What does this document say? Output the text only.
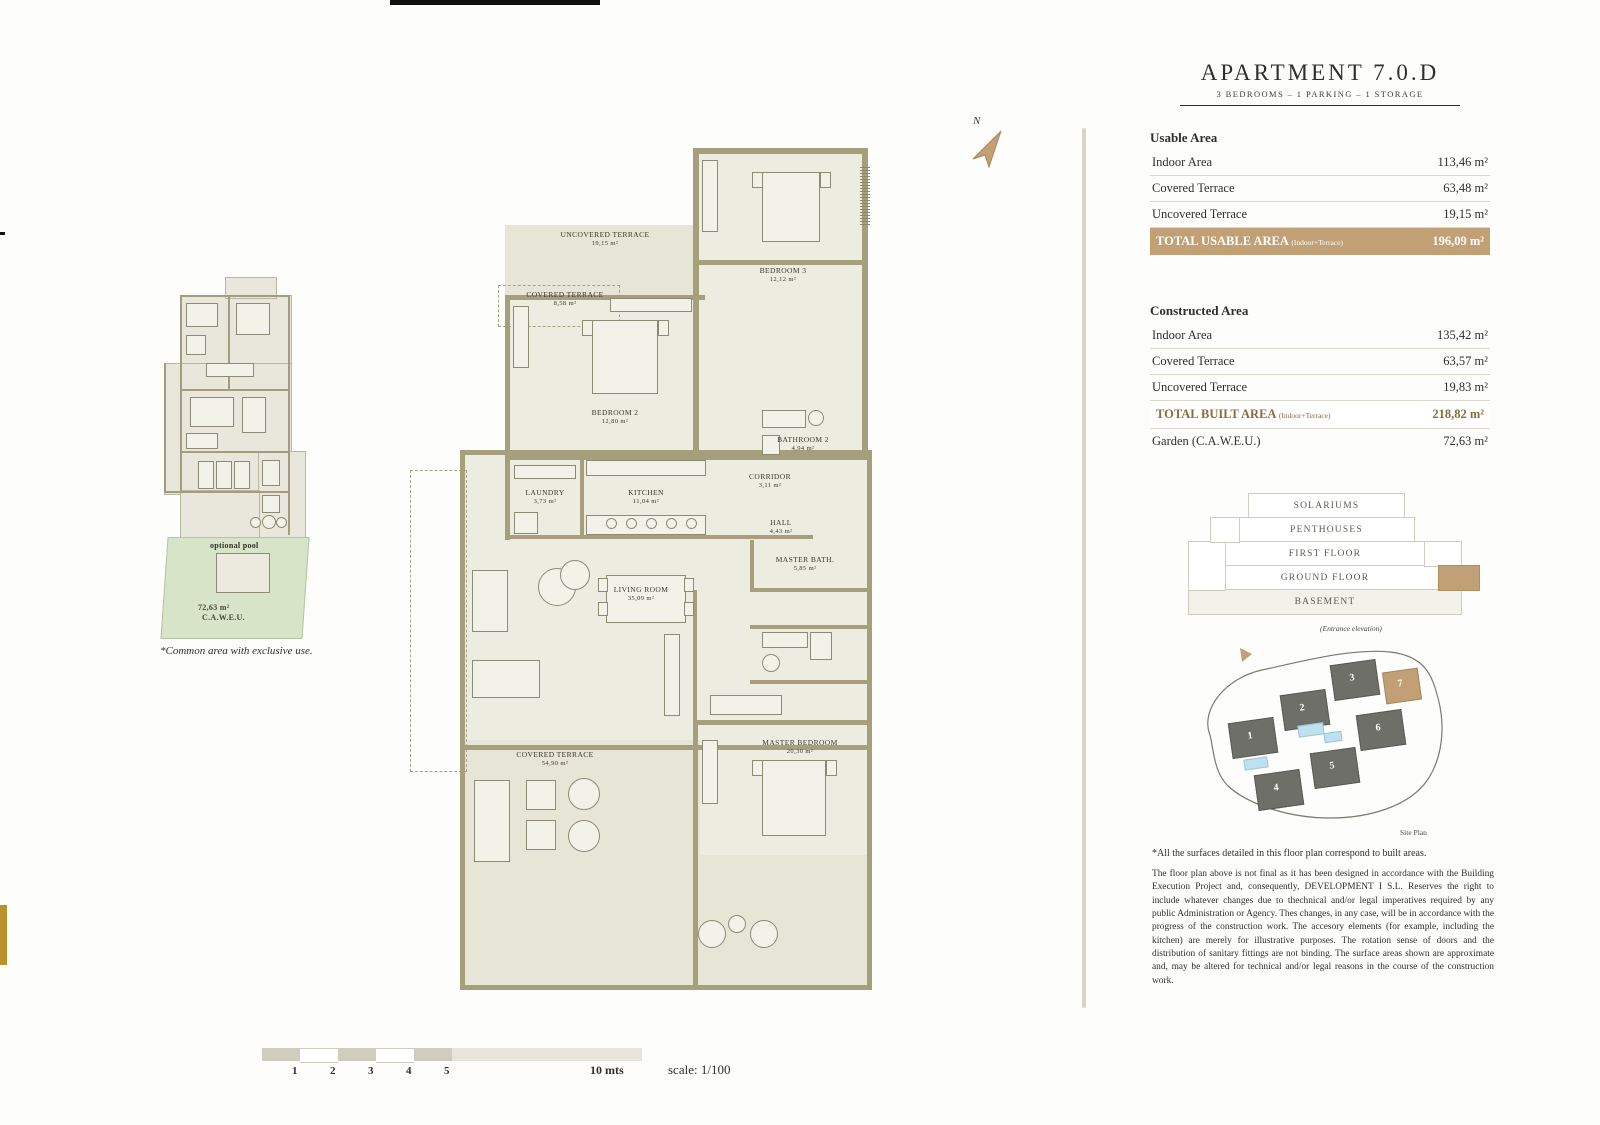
optional pool
72,63 m²
C.A.W.E.U.
*Common area with exclusive use.
UNCOVERED TERRACE
19,15 m²
COVERED TERRACE
8,58 m²
BEDROOM 3
12,12 m²
BEDROOM 2
12,80 m²
BATHROOM 2
4,94 m²
CORRIDOR
3,11 m²
LAUNDRY
3,73 m²
KITCHEN
11,04 m²
HALL
4,43 m²
MASTER BATH.
5,85 m²
LIVING ROOM
35,09 m²
MASTER BEDROOM
20,30 m²
COVERED TERRACE
54,90 m²
N
1	2	3	4	5	10 mts	scale: 1/100
APARTMENT 7.0.D
3 BEDROOMS – 1 PARKING – 1 STORAGE
Usable Area
Indoor Area	113,46 m²
Covered Terrace	63,48 m²
Uncovered Terrace	19,15 m²
TOTAL USABLE AREA (Indoor+Terrace)	196,09 m²
Constructed Area
Indoor Area	135,42 m²
Covered Terrace	63,57 m²
Uncovered Terrace	19,83 m²
TOTAL BUILT AREA (Indoor+Terrace)	218,82 m²
Garden (C.A.W.E.U.)	72,63 m²
SOLARIUMS
PENTHOUSES
FIRST FLOOR
GROUND FLOOR
BASEMENT
(Entrance elevation)
1
2
3
4
5
6
7
Site Plan
*All the surfaces detailed in this floor plan correspond to built areas.
The floor plan above is not final as it has been designed in accordance with the Building Execution Project and, consequently, DEVELOPMENT I S.L. Reserves the right to include whatever changes due to thechnical and/or legal imperatives required by any public Administration or Agency. Thes changes, in any case, will be in accordance with the progress of the construction work. The accesory elements (for example, including the kitchen) are merely for illustrative purposes. The rotation sense of doors and the distribution of sanitary fittings are not binding. The surface areas shown are approximate and, may be altered for technical and/or legal reasons in the course of the construction work.
